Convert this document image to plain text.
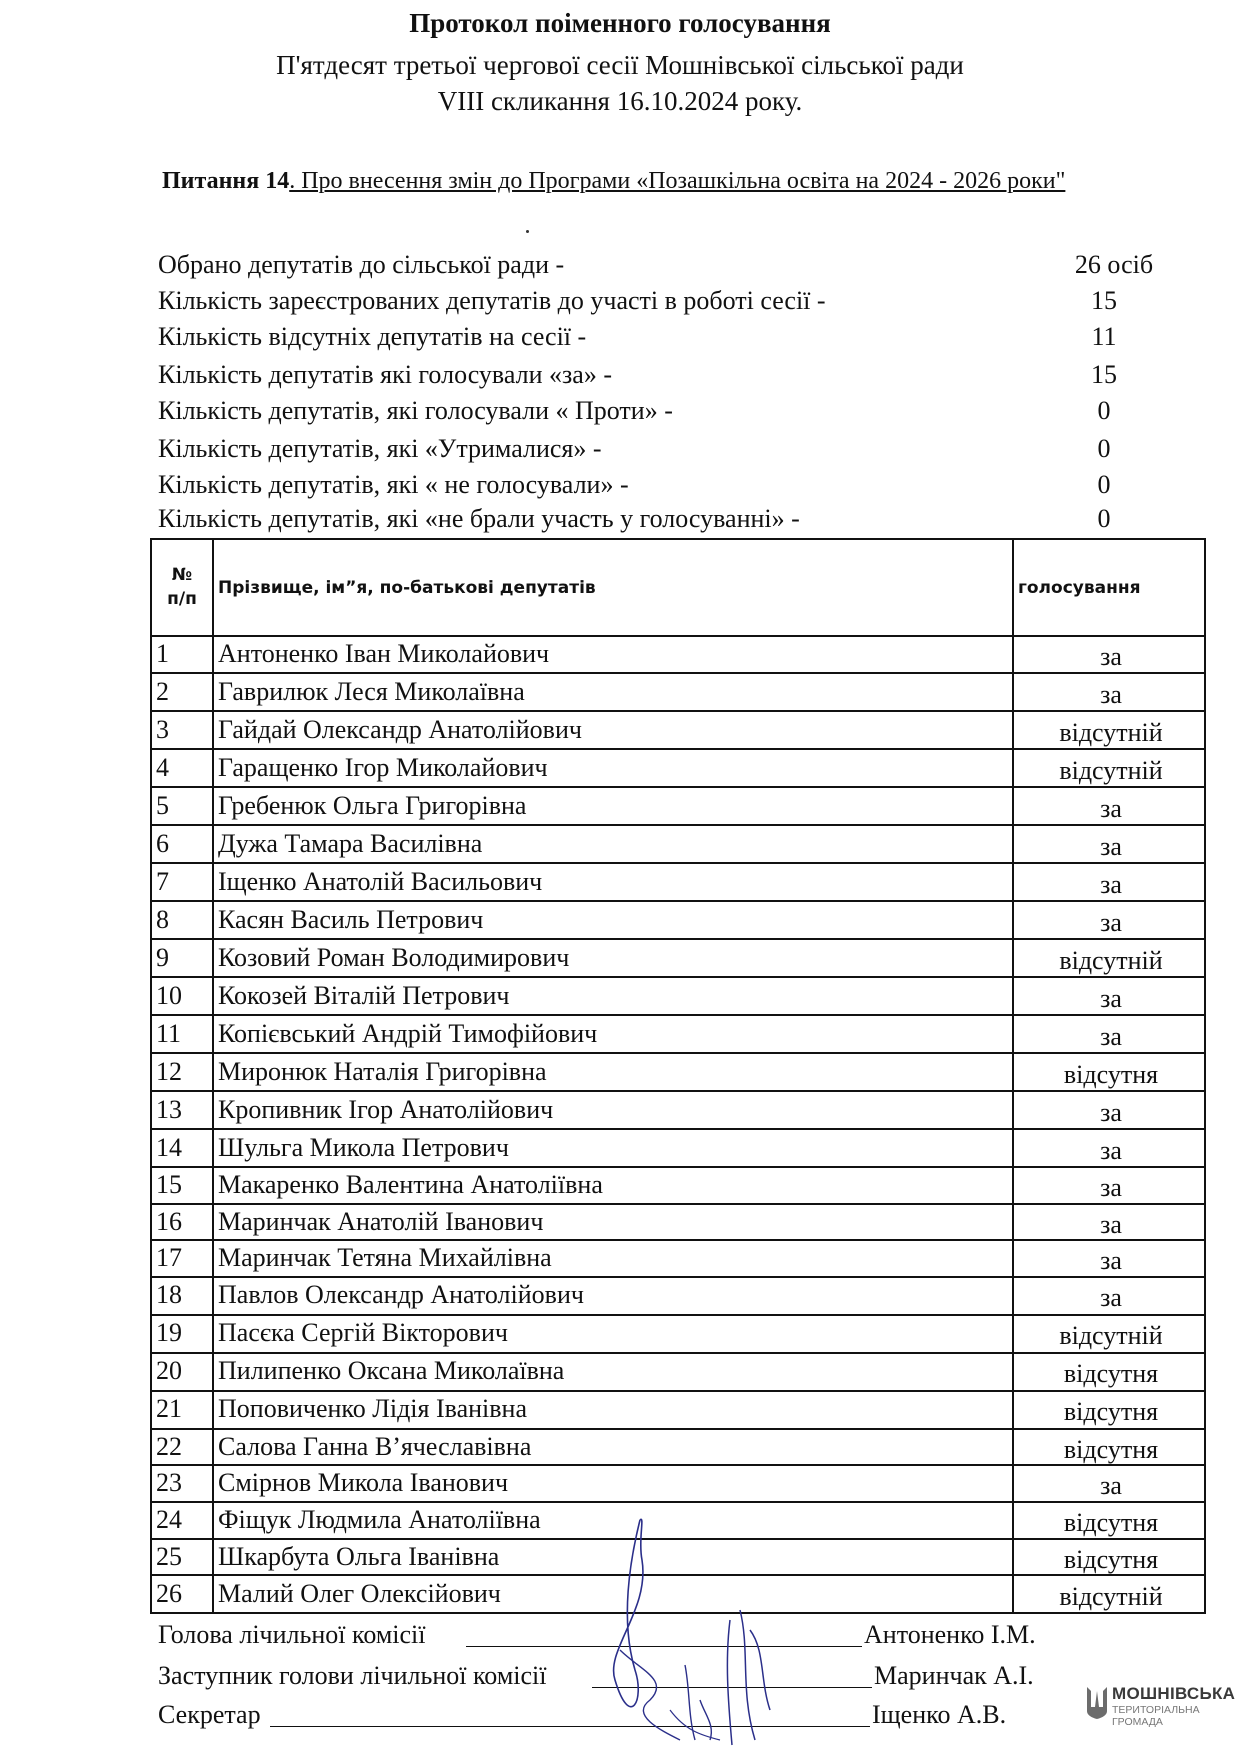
Протокол поіменного голосування
П'ятдесят третьої чергової сесії Мошнівської сільської ради
VIII скликання 16.10.2024 року.
Питання 14. Про внесення змін до Програми «Позашкільна освіта на 2024 - 2026 роки"
Обрано депутатів до сільської ради -	26 осіб
Кількість зареєстрованих депутатів до участі в роботі сесії -	15
Кількість відсутніх депутатів на сесії -	11
Кількість депутатів які голосували «за» -	15
Кількість депутатів, які голосували « Проти» -	0
Кількість депутатів, які «Утрималися» -	0
Кількість депутатів, які « не голосували» -	0
Кількість депутатів, які «не брали участь у голосуванні» -	0
№
п/п	Прізвище, ім”я, по-батькові депутатів	голосування
1	Антоненко Іван Миколайович	за
2	Гаврилюк Леся Миколаївна	за
3	Гайдай Олександр Анатолійович	відсутній
4	Гаращенко Ігор Миколайович	відсутній
5	Гребенюк Ольга Григорівна	за
6	Дужа Тамара Василівна	за
7	Іщенко Анатолій Васильович	за
8	Касян Василь Петрович	за
9	Козовий Роман Володимирович	відсутній
10	Кокозей Віталій Петрович	за
11	Копієвський Андрій Тимофійович	за
12	Миронюк Наталія Григорівна	відсутня
13	Кропивник Ігор Анатолійович	за
14	Шульга Микола Петрович	за
15	Макаренко Валентина Анатоліївна	за
16	Маринчак Анатолій Іванович	за
17	Маринчак Тетяна Михайлівна	за
18	Павлов Олександр Анатолійович	за
19	Пасєка Сергій Вікторович	відсутній
20	Пилипенко Оксана Миколаївна	відсутня
21	Поповиченко Лідія Іванівна	відсутня
22	Салова Ганна В’ячеславівна	відсутня
23	Смірнов Микола Іванович	за
24	Фіщук Людмила Анатоліївна	відсутня
25	Шкарбута Ольга Іванівна	відсутня
26	Малий Олег Олексійович	відсутній
Голова лічильної комісії	Антоненко І.М.
Заступник голови лічильної комісії	Маринчак А.І.
Секретар	Іщенко А.В.
МОШНІВСЬКА
ТЕРИТОРІАЛЬНА
ГРОМАДА
